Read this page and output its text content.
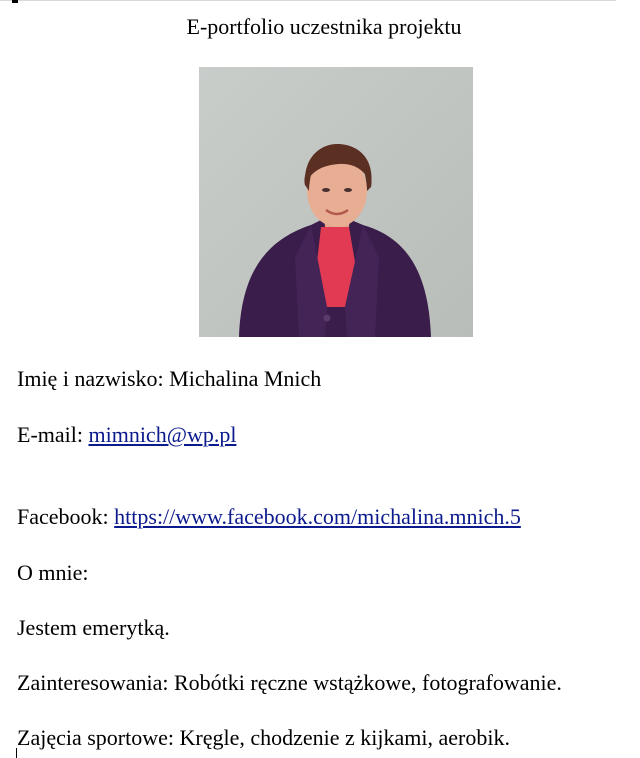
E-portfolio uczestnika projektu
Imię i nazwisko: Michalina Mnich
E-mail: mimnich@wp.pl
Facebook: https://www.facebook.com/michalina.mnich.5
O mnie:
Jestem emerytką.
Zainteresowania: Robótki ręczne wstążkowe, fotografowanie.
Zajęcia sportowe: Kręgle, chodzenie z kijkami, aerobik.
